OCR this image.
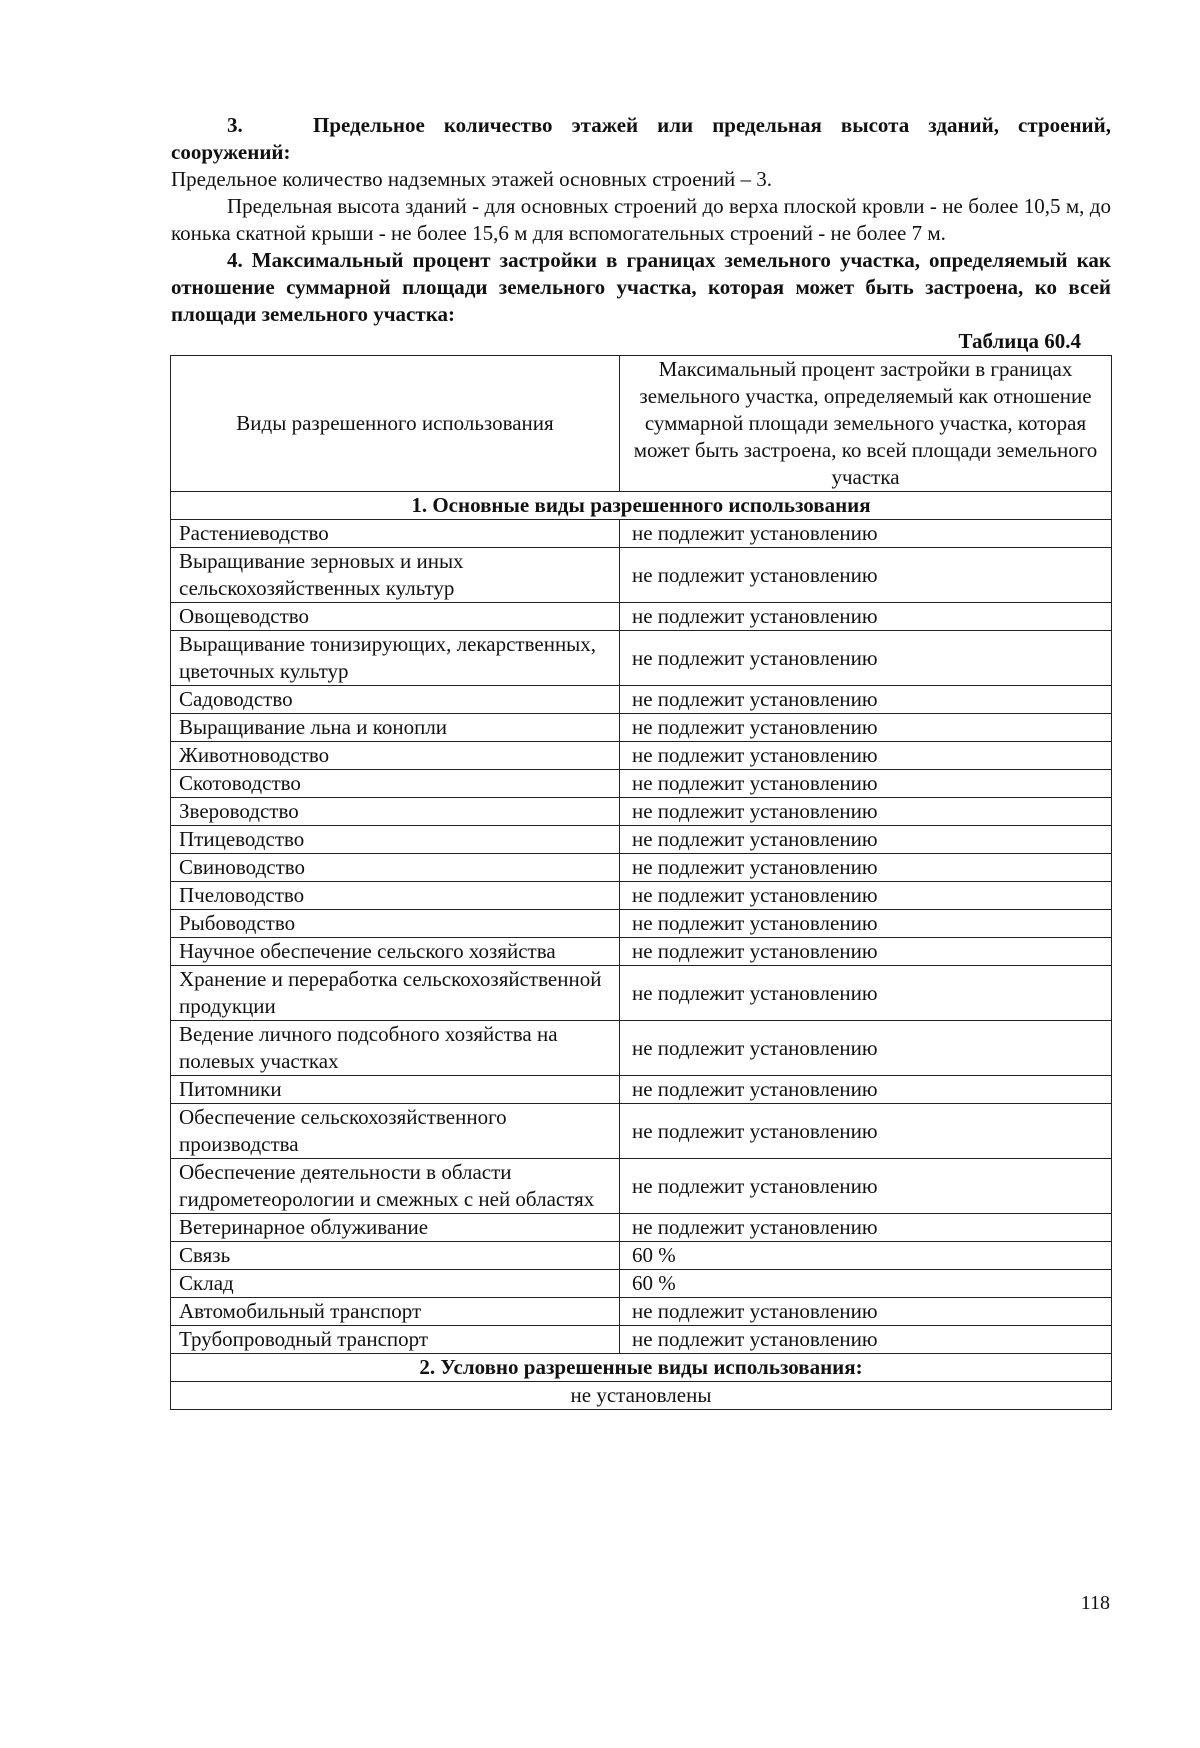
3.	Предельное количество этажей или предельная высота зданий, строений, сооружений:

Предельное количество надземных этажей основных строений – 3.

Предельная высота зданий - для основных строений до верха плоской кровли - не более 10,5 м, до конька скатной крыши - не более 15,6 м для вспомогательных строений - не более 7 м.

4. Максимальный процент застройки в границах земельного участка, определяемый как отношение суммарной площади земельного участка, которая может быть застроена, ко всей площади земельного участка:

Таблица 60.4

Виды разрешенного использования	Максимальный процент застройки в границах земельного участка, определяемый как отношение суммарной площади земельного участка, которая может быть застроена, ко всей площади земельного участка
1. Основные виды разрешенного использования	
Растениеводство	не подлежит установлению
Выращивание зерновых и иных сельскохозяйственных культур	не подлежит установлению
Овощеводство	не подлежит установлению
Выращивание тонизирующих, лекарственных, цветочных культур	не подлежит установлению
Садоводство	не подлежит установлению
Выращивание льна и конопли	не подлежит установлению
Животноводство	не подлежит установлению
Скотоводство	не подлежит установлению
Звероводство	не подлежит установлению
Птицеводство	не подлежит установлению
Свиноводство	не подлежит установлению
Пчеловодство	не подлежит установлению
Рыбоводство	не подлежит установлению
Научное обеспечение сельского хозяйства	не подлежит установлению
Хранение и переработка сельскохозяйственной продукции	не подлежит установлению
Ведение личного подсобного хозяйства на полевых участках	не подлежит установлению
Питомники	не подлежит установлению
Обеспечение сельскохозяйственного производства	не подлежит установлению
Обеспечение деятельности в области гидрометеорологии и смежных с ней областях	не подлежит установлению
Ветеринарное облуживание	не подлежит установлению
Связь	60 %
Склад	60 %
Автомобильный транспорт	не подлежит установлению
Трубопроводный транспорт	не подлежит установлению
2. Условно разрешенные виды использования:	
не установлены	
118
